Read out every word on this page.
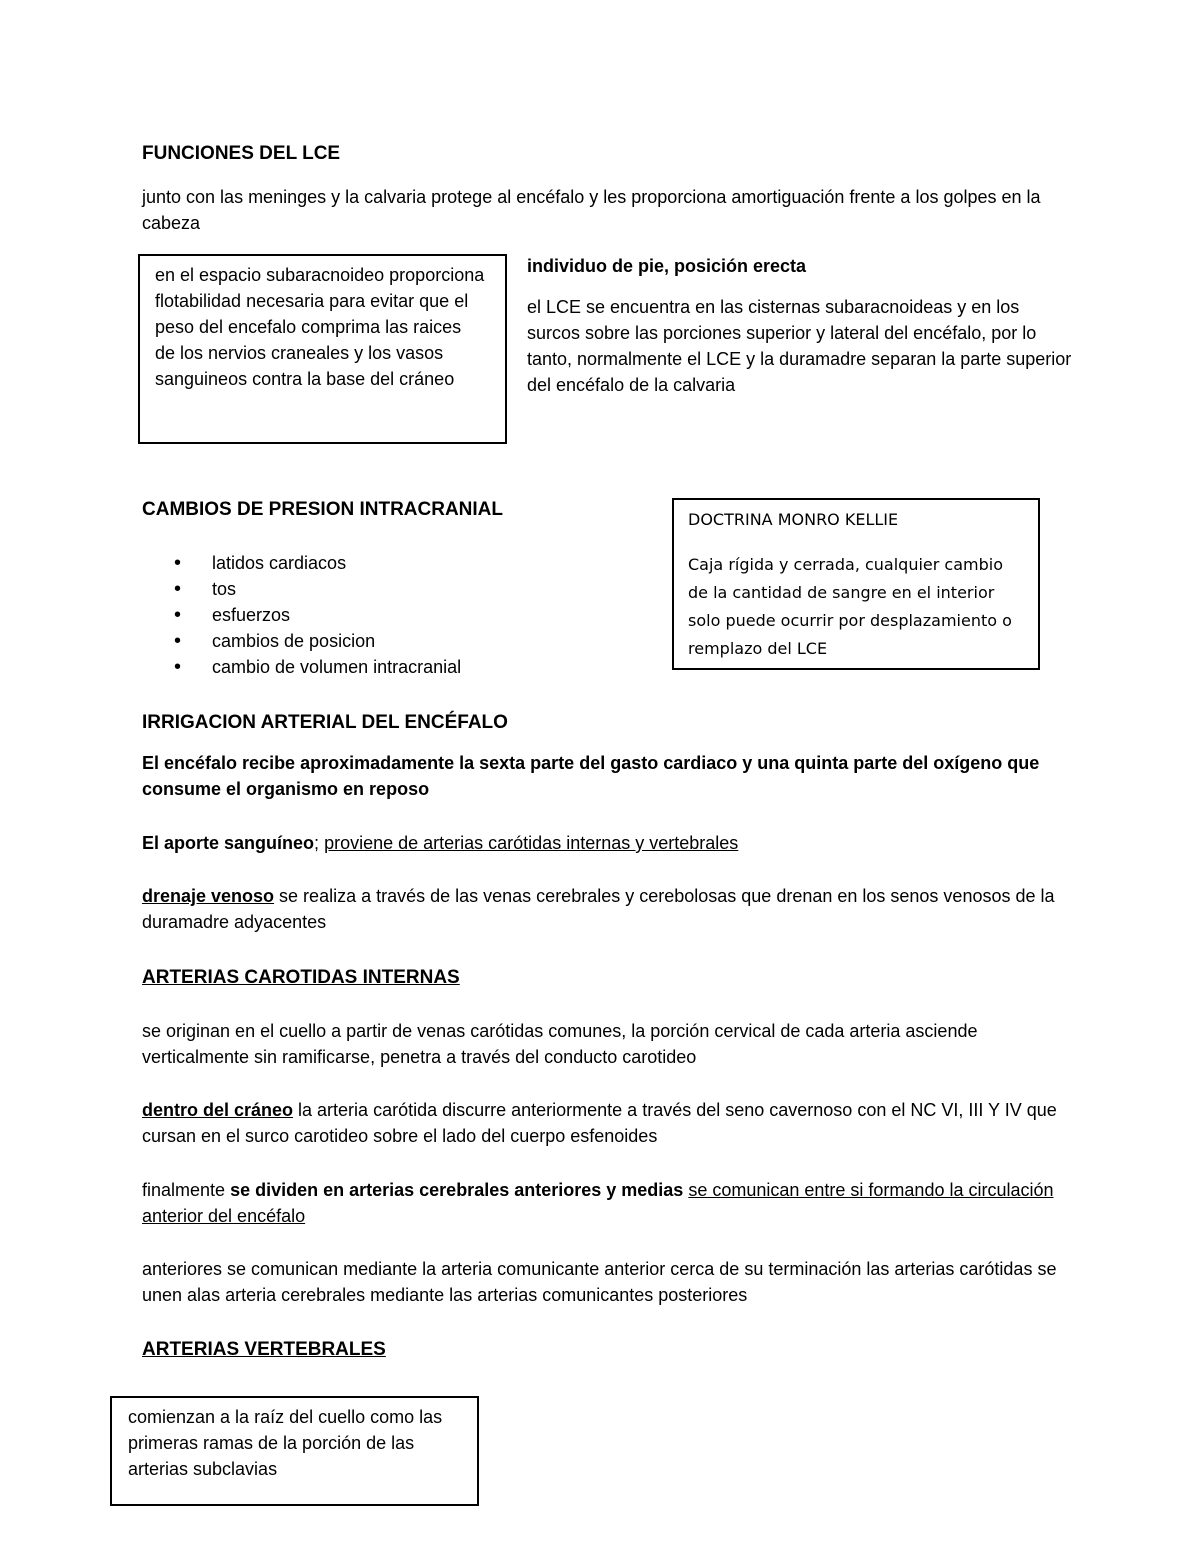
FUNCIONES DEL LCE

junto con las meninges y la calvaria protege al encéfalo y les proporciona amortiguación frente a los golpes en la cabeza

en el espacio subaracnoideo proporciona flotabilidad necesaria para evitar que el peso del encefalo comprima las raices de los nervios craneales y los vasos sanguineos contra la base del cráneo

individuo de pie, posición erecta

el LCE se encuentra en las cisternas subaracnoideas y en los surcos sobre las porciones superior y lateral del encéfalo, por lo tanto, normalmente el LCE y la duramadre separan la parte superior del encéfalo de la calvaria

CAMBIOS DE PRESION INTRACRANIAL

• latidos cardiacos
• tos
• esfuerzos
• cambios de posicion
• cambio de volumen intracranial

DOCTRINA MONRO KELLIE

Caja rígida y cerrada, cualquier cambio de la cantidad de sangre en el interior solo puede ocurrir por desplazamiento o remplazo del LCE

IRRIGACION ARTERIAL DEL ENCÉFALO

El encéfalo recibe aproximadamente la sexta parte del gasto cardiaco y una quinta parte del oxígeno que consume el organismo en reposo

El aporte sanguíneo; proviene de arterias carótidas internas y vertebrales

drenaje venoso se realiza a través de las venas cerebrales y cerebolosas que drenan en los senos venosos de la duramadre adyacentes

ARTERIAS CAROTIDAS INTERNAS

se originan en el cuello a partir de venas carótidas comunes, la porción cervical de cada arteria asciende verticalmente sin ramificarse, penetra a través del conducto carotideo

dentro del cráneo la arteria carótida discurre anteriormente a través del seno cavernoso con el NC VI, III Y IV que cursan en el surco carotideo sobre el lado del cuerpo esfenoides

finalmente se dividen en arterias cerebrales anteriores y medias se comunican entre si formando la circulación anterior del encéfalo

anteriores se comunican mediante la arteria comunicante anterior cerca de su terminación las arterias carótidas se unen alas arteria cerebrales mediante las arterias comunicantes posteriores

ARTERIAS VERTEBRALES

comienzan a la raíz del cuello como las primeras ramas de la porción de las arterias subclavias
